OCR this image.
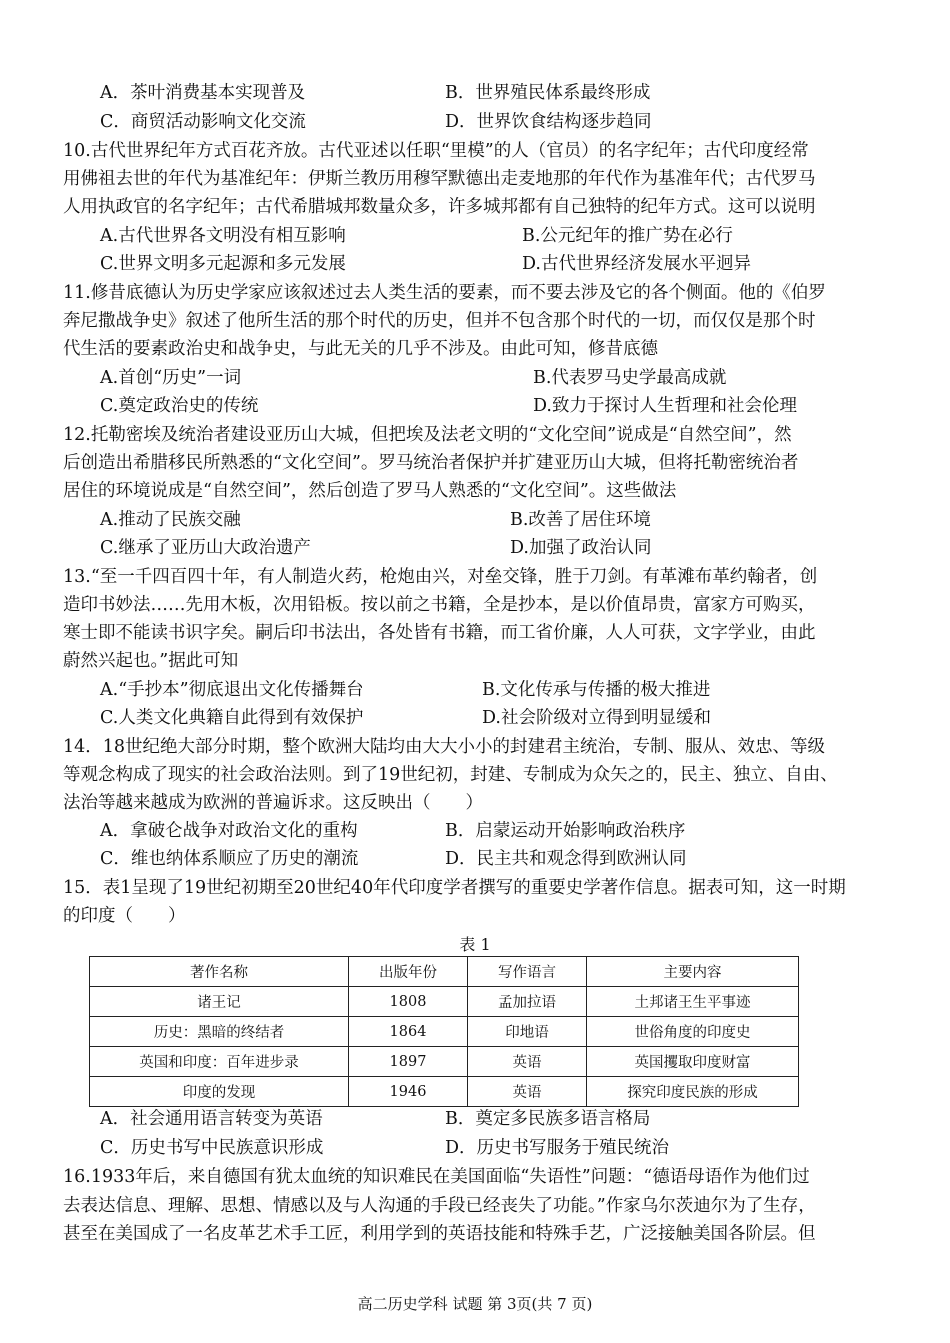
A．茶叶消费基本实现普及	B．世界殖民体系最终形成
C．商贸活动影响文化交流	D．世界饮食结构逐步趋同
10.古代世界纪年方式百花齐放。古代亚述以任职“里模”的人（官员）的名字纪年；古代印度经常
用佛祖去世的年代为基准纪年：伊斯兰教历用穆罕默德出走麦地那的年代作为基准年代；古代罗马
人用执政官的名字纪年；古代希腊城邦数量众多，许多城邦都有自己独特的纪年方式。这可以说明
A.古代世界各文明没有相互影响	B.公元纪年的推广势在必行
C.世界文明多元起源和多元发展	D.古代世界经济发展水平迥异
11.修昔底德认为历史学家应该叙述过去人类生活的要素，而不要去涉及它的各个侧面。他的《伯罗
奔尼撒战争史》叙述了他所生活的那个时代的历史，但并不包含那个时代的一切，而仅仅是那个时
代生活的要素政治史和战争史，与此无关的几乎不涉及。由此可知，修昔底德
A.首创“历史”一词	B.代表罗马史学最高成就
C.奠定政治史的传统	D.致力于探讨人生哲理和社会伦理
12.托勒密埃及统治者建设亚历山大城，但把埃及法老文明的“文化空间”说成是“自然空间”，然
后创造出希腊移民所熟悉的“文化空间”。罗马统治者保护并扩建亚历山大城，但将托勒密统治者
居住的环境说成是“自然空间”，然后创造了罗马人熟悉的“文化空间”。这些做法
A.推动了民族交融	B.改善了居住环境
C.继承了亚历山大政治遗产	D.加强了政治认同
13.“至一千四百四十年，有人制造火药，枪炮由兴，对垒交锋，胜于刀剑。有革滩布革约翰者，创
造印书妙法……先用木板，次用铅板。按以前之书籍，全是抄本，是以价值昂贵，富家方可购买，
寒士即不能读书识字矣。嗣后印书法出，各处皆有书籍，而工省价廉，人人可获，文字学业，由此
蔚然兴起也。”据此可知
A.“手抄本”彻底退出文化传播舞台	B.文化传承与传播的极大推进
C.人类文化典籍自此得到有效保护	D.社会阶级对立得到明显缓和
14．18世纪绝大部分时期，整个欧洲大陆均由大大小小的封建君主统治，专制、服从、效忠、等级
等观念构成了现实的社会政治法则。到了19世纪初，封建、专制成为众矢之的，民主、独立、自由、
法治等越来越成为欧洲的普遍诉求。这反映出（　　）
A．拿破仑战争对政治文化的重构	B．启蒙运动开始影响政治秩序
C．维也纳体系顺应了历史的潮流	D．民主共和观念得到欧洲认同
15．表1呈现了19世纪初期至20世纪40年代印度学者撰写的重要史学著作信息。据表可知，这一时期
的印度（　　）
表 1
著作名称	出版年份	写作语言	主要内容
诸王记	1808	孟加拉语	土邦诸王生平事迹
历史：黑暗的终结者	1864	印地语	世俗角度的印度史
英国和印度：百年进步录	1897	英语	英国攫取印度财富
印度的发现	1946	英语	探究印度民族的形成
A．社会通用语言转变为英语	B．奠定多民族多语言格局
C．历史书写中民族意识形成	D．历史书写服务于殖民统治
16.1933年后，来自德国有犹太血统的知识难民在美国面临“失语性”问题：“德语母语作为他们过
去表达信息、理解、思想、情感以及与人沟通的手段已经丧失了功能。”作家乌尔茨迪尔为了生存，
甚至在美国成了一名皮革艺术手工匠，利用学到的英语技能和特殊手艺，广泛接触美国各阶层。但
高二历史学科 试题 第 3页(共 7 页)
